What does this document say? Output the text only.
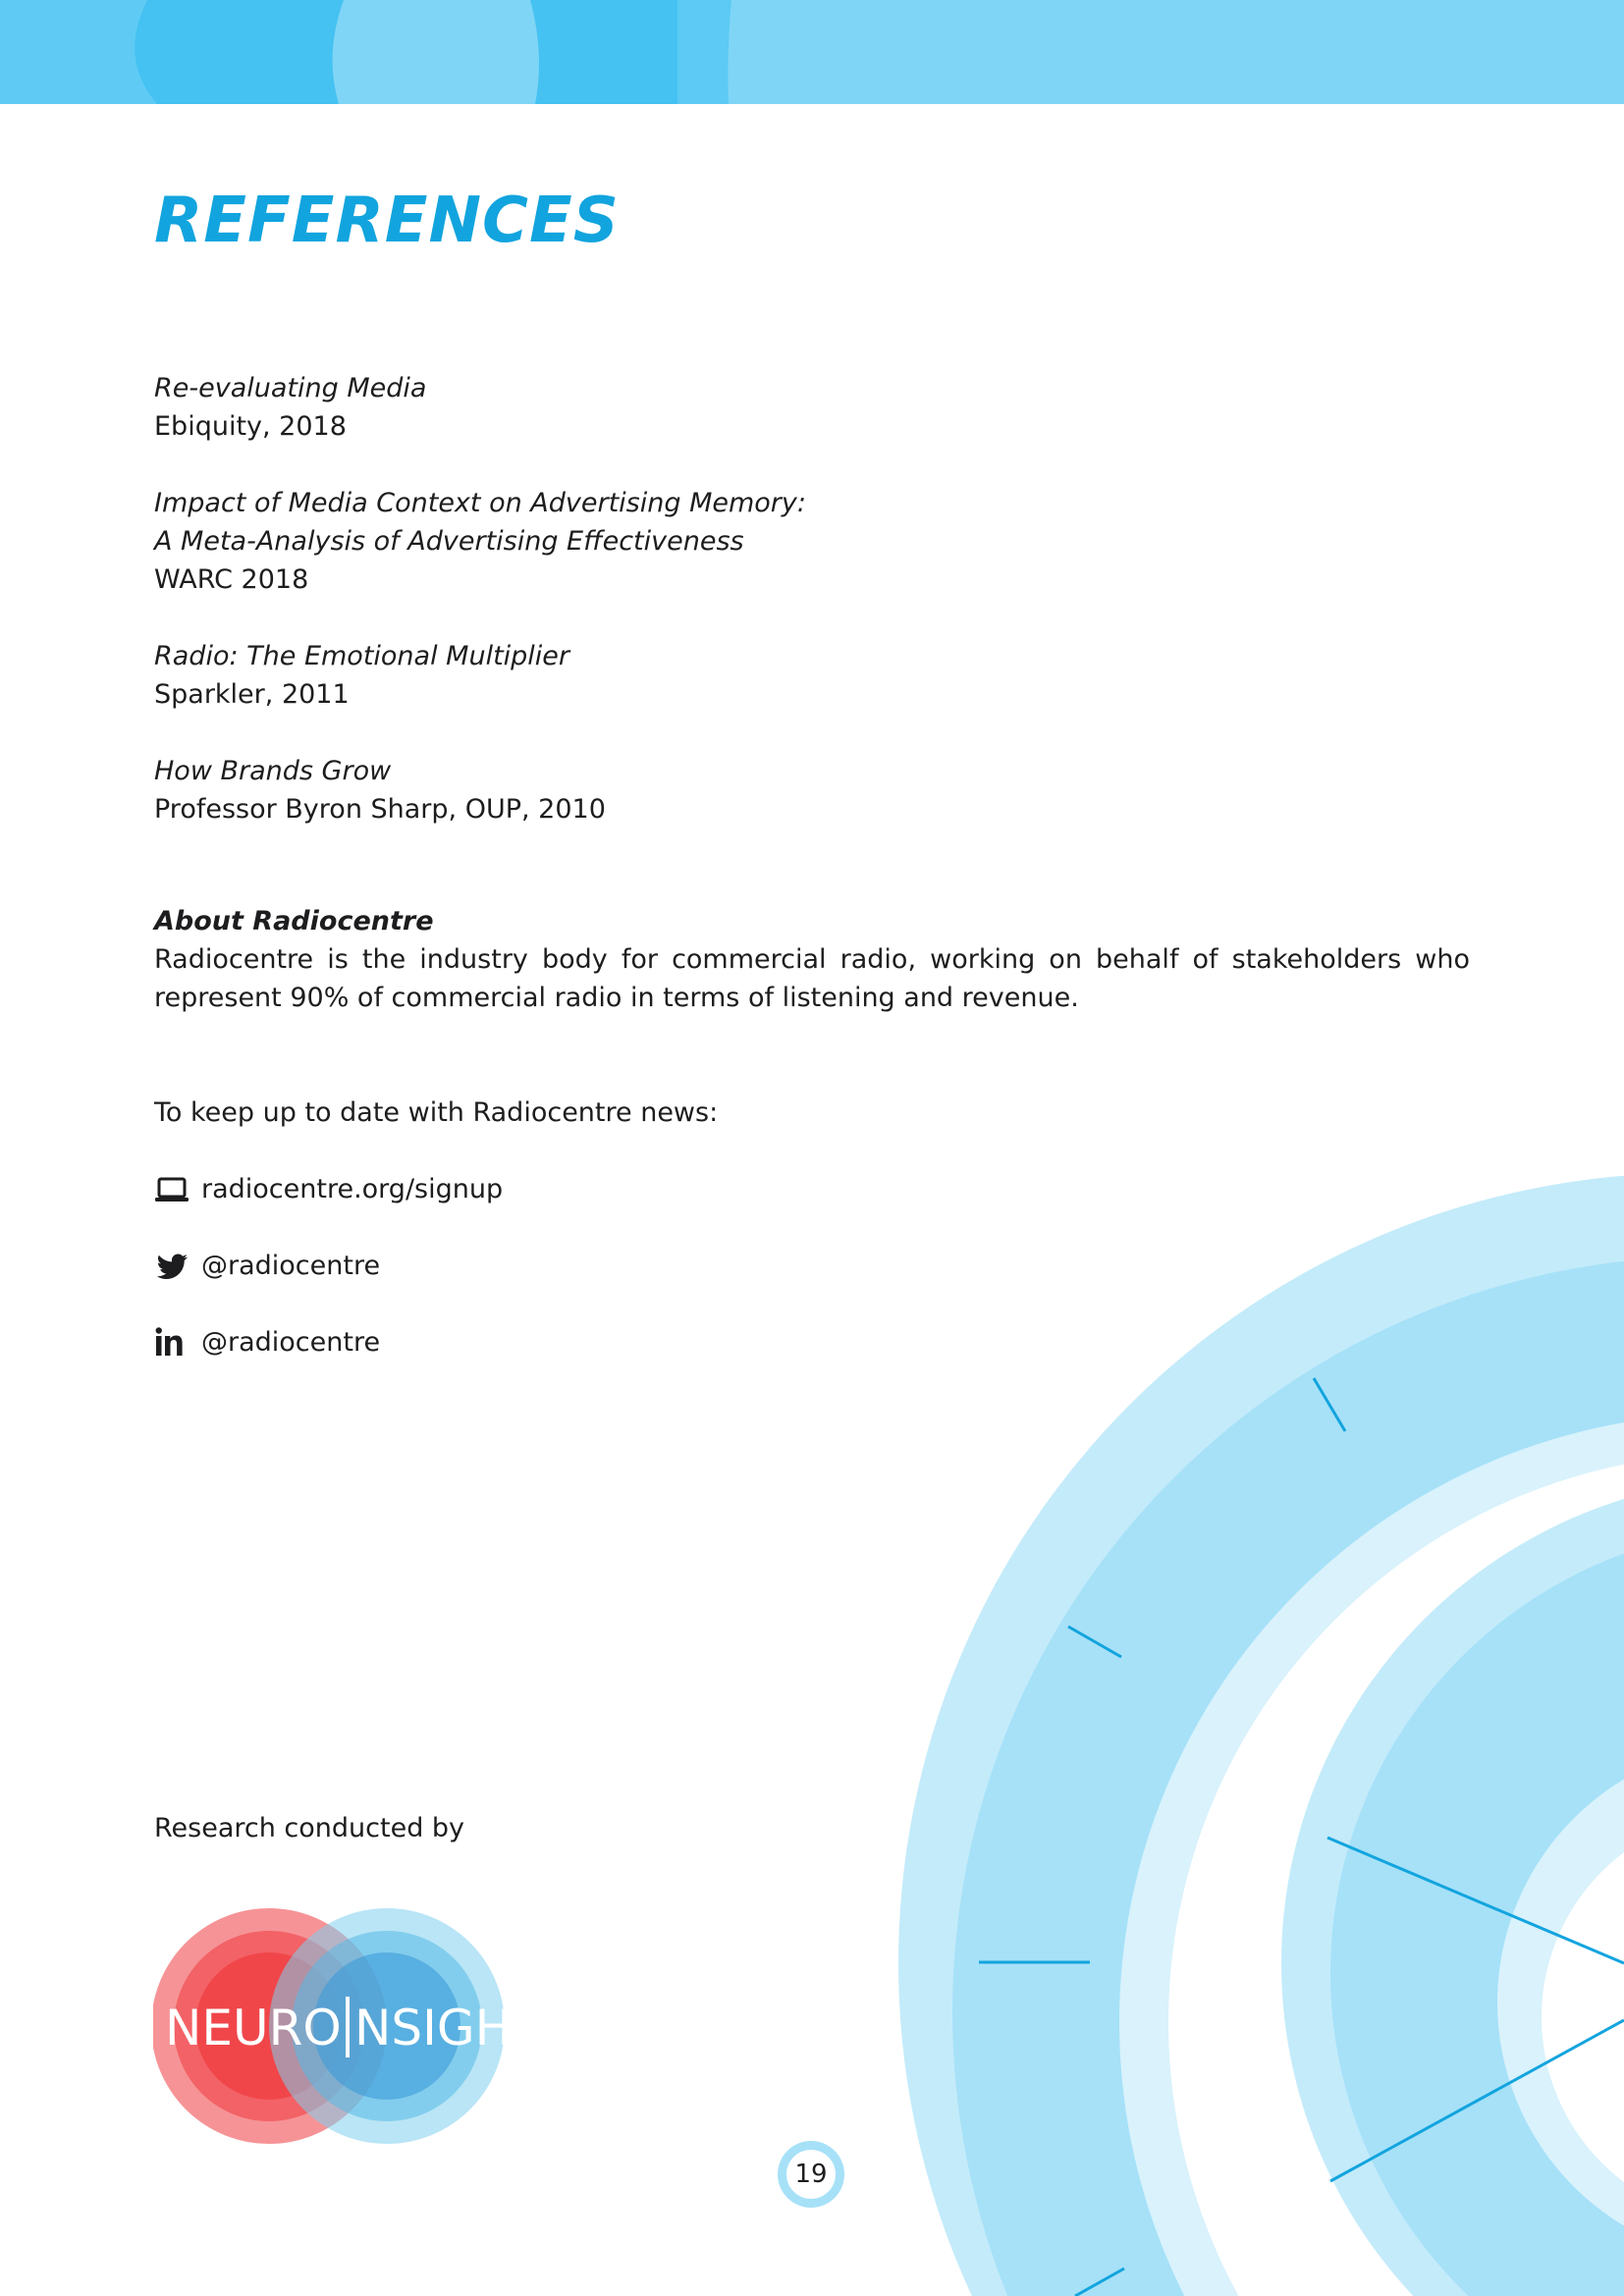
REFERENCES
Re-evaluating Media
Ebiquity, 2018
Impact of Media Context on Advertising Memory:
A Meta-Analysis of Advertising Effectiveness
WARC 2018
Radio: The Emotional Multiplier
Sparkler, 2011
How Brands Grow
Professor Byron Sharp, OUP, 2010
About Radiocentre
Radiocentre is the industry body for commercial radio, working on behalf of stakeholders who represent 90% of commercial radio in terms of listening and revenue.
To keep up to date with Radiocentre news:
radiocentre.org/signup
@radiocentre
@radiocentre
Research conducted by
NEURO NSIGHT
19
